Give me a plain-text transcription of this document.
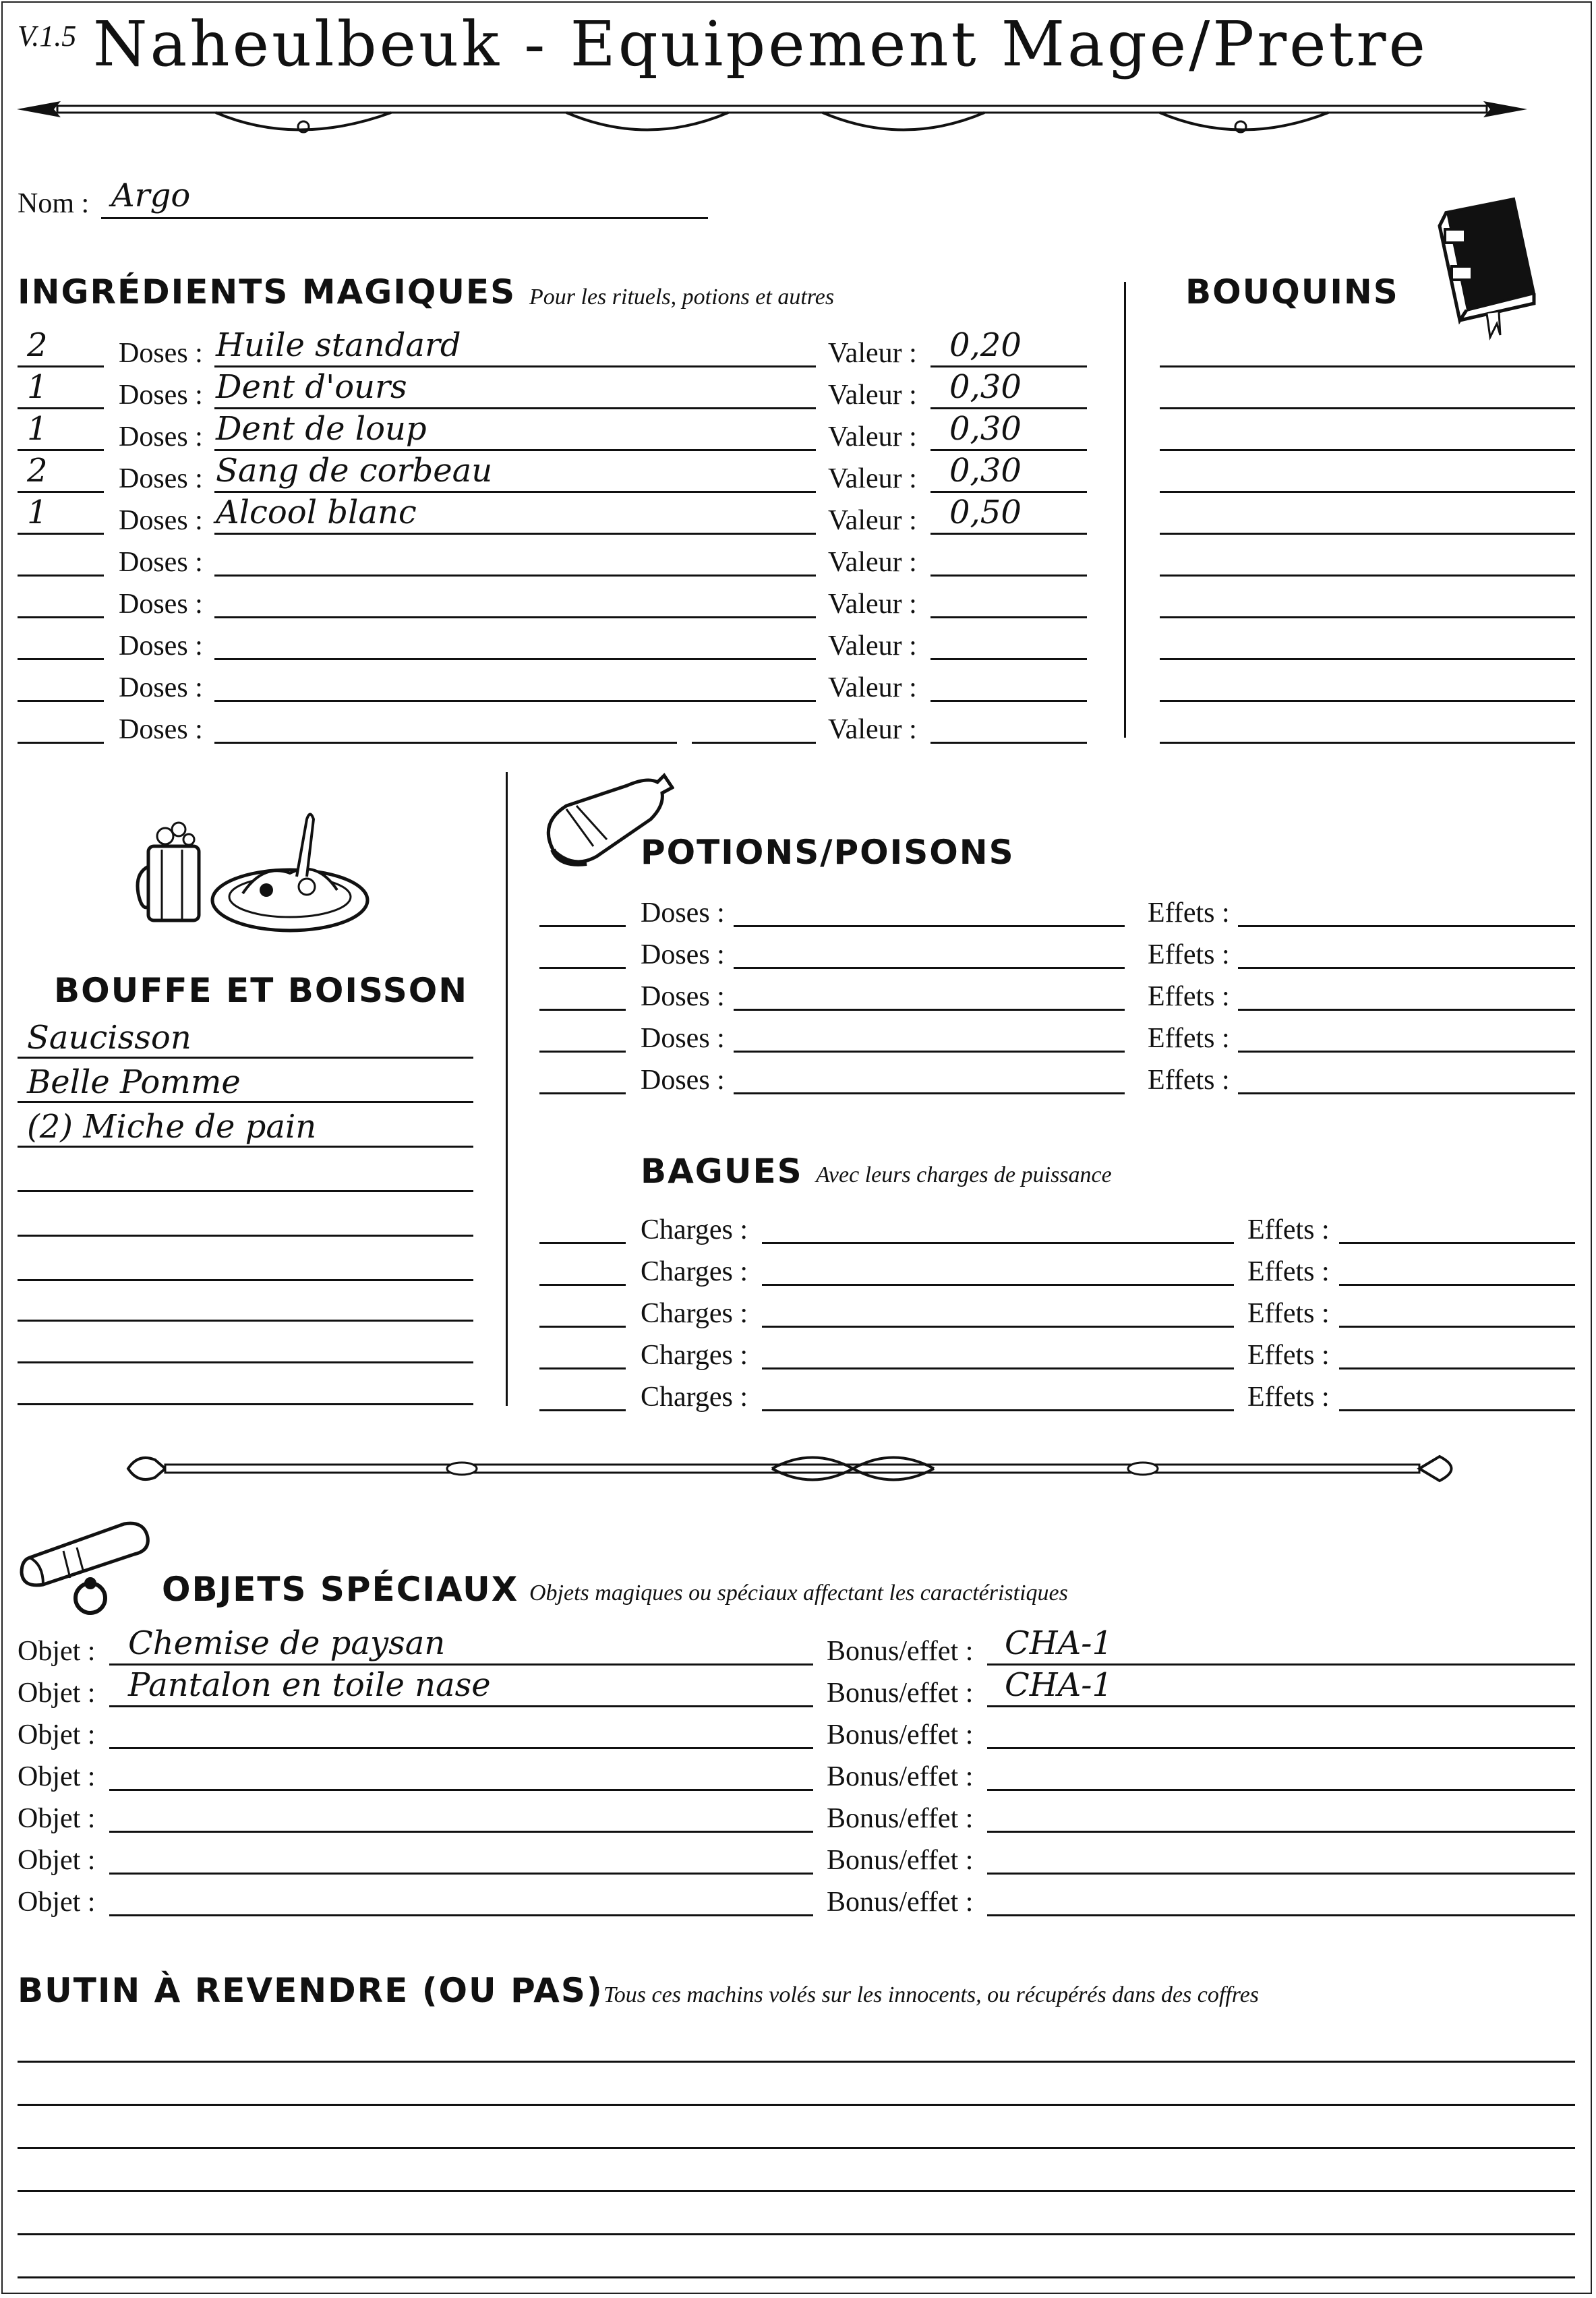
V.1.5 Naheulbeuk - Equipement Mage/Pretre
Nom : Argo
INGRÉDIENTS MAGIQUES Pour les rituels, potions et autres
2	Doses : Huile standard	Valeur : 0,20
1	Doses : Dent d'ours	Valeur : 0,30
1	Doses : Dent de loup	Valeur : 0,30
2	Doses : Sang de corbeau	Valeur : 0,30
1	Doses : Alcool blanc	Valeur : 0,50
Doses :	Valeur :
Doses :	Valeur :
Doses :	Valeur :
Doses :	Valeur :
Doses :	Valeur :
BOUQUINS
BOUFFE ET BOISSON
Saucisson
Belle Pomme
(2) Miche de pain
POTIONS/POISONS
Doses :	Effets :
Doses :	Effets :
Doses :	Effets :
Doses :	Effets :
Doses :	Effets :
BAGUES Avec leurs charges de puissance
Charges :	Effets :
Charges :	Effets :
Charges :	Effets :
Charges :	Effets :
Charges :	Effets :
OBJETS SPÉCIAUX Objets magiques ou spéciaux affectant les caractéristiques
Objet : Chemise de paysan	Bonus/effet : CHA-1
Objet : Pantalon en toile nase	Bonus/effet : CHA-1
Objet :	Bonus/effet :
Objet :	Bonus/effet :
Objet :	Bonus/effet :
Objet :	Bonus/effet :
Objet :	Bonus/effet :
BUTIN À REVENDRE (OU PAS) Tous ces machins volés sur les innocents, ou récupérés dans des coffres
